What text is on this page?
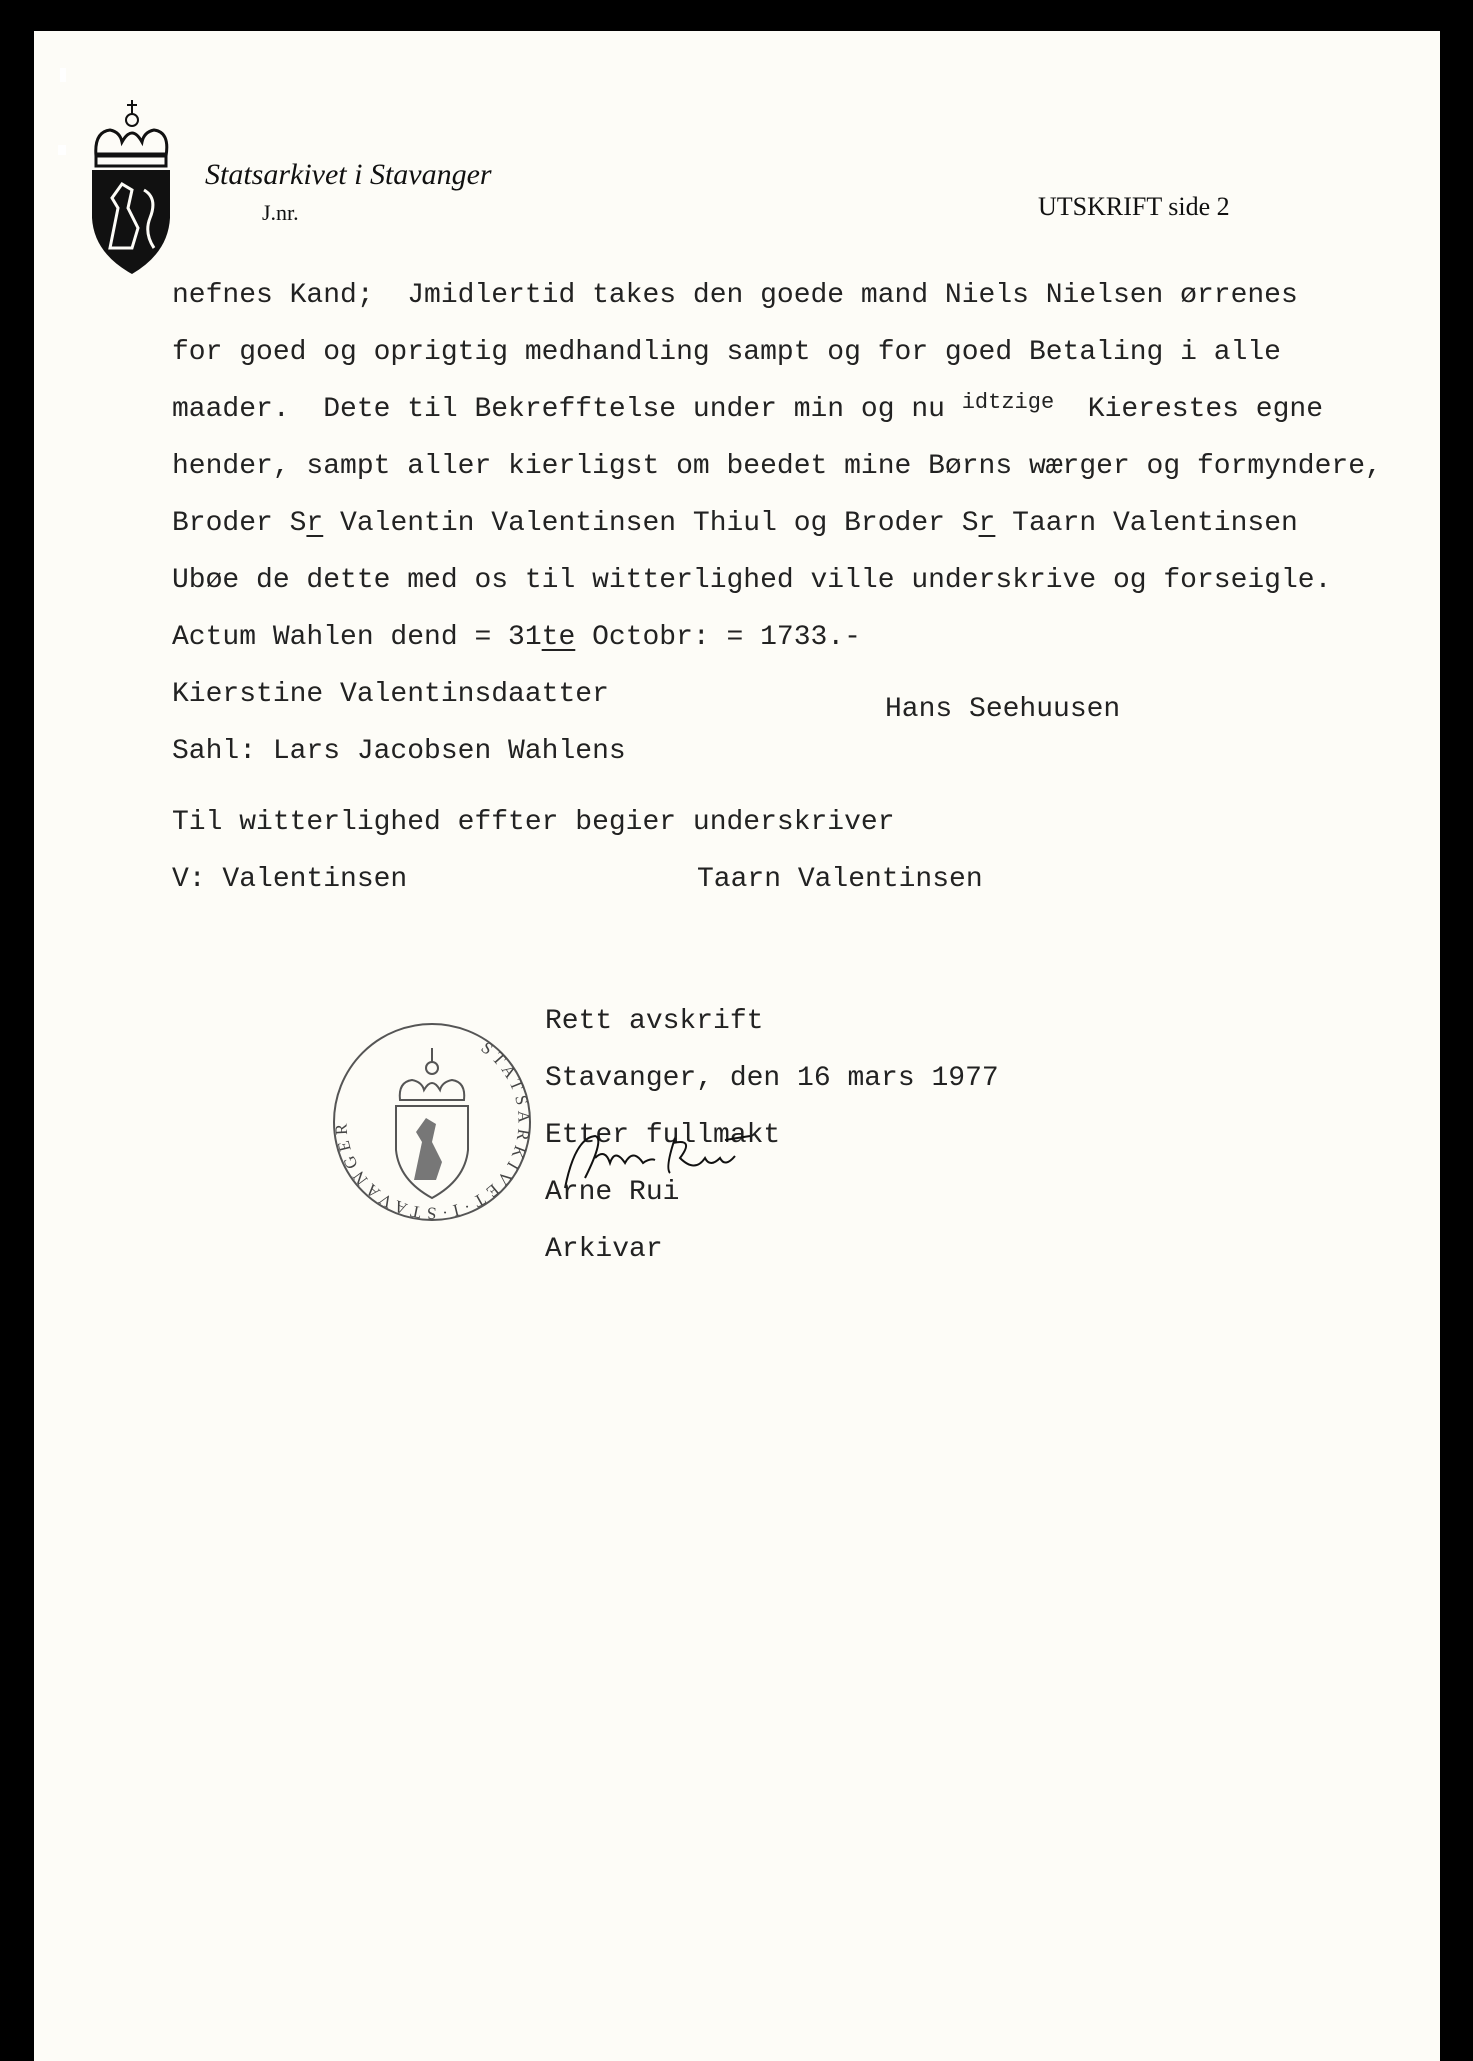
Statsarkivet i Stavanger
J.nr.	UTSKRIFT side 2
nefnes Kand;  Jmidlertid takes den goede mand Niels Nielsen ørrenes
for goed og oprigtig medhandling sampt og for goed Betaling i alle
maader.  Dete til Bekrefftelse under min og nu $^{idtzige}$  Kierestes egne
hender, sampt aller kierligst om beedet mine Børns wærger og formyndere,
Broder Sr Valentin Valentinsen Thiul og Broder Sr Taarn Valentinsen
Ubøe de dette med os til witterlighed ville underskrive og forseigle.
Actum Wahlen dend = 31te Octobr: = 1733.-
Kierstine Valentinsdaatter	Hans Seehuusen
Sahl: Lars Jacobsen Wahlens
Til witterlighed effter begier underskriver
V: Valentinsen	Taarn Valentinsen
STATSARKIVET·I·STAVANGER
Rett avskrift
Stavanger, den 16 mars 1977
Etter fullmakt
Arne Rui
Arkivar
